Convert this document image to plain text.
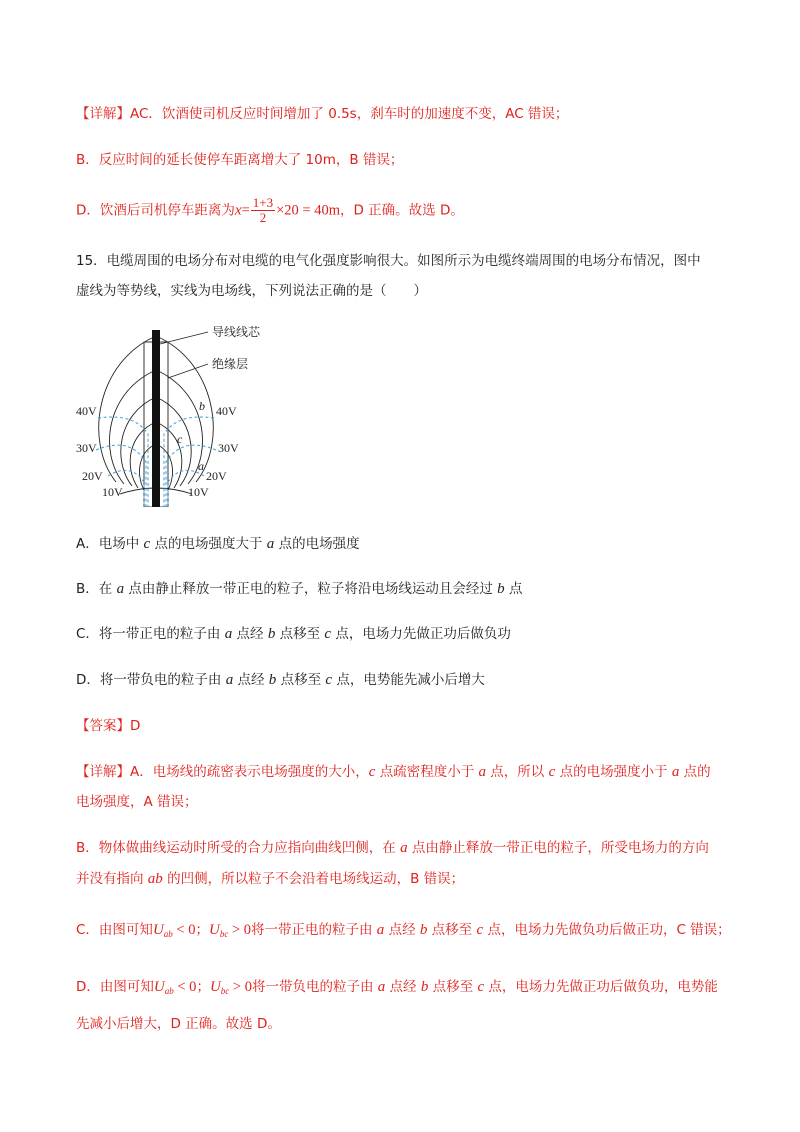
【详解】AC．饮酒使司机反应时间增加了 0.5s，刹车时的加速度不变，AC 错误；
B．反应时间的延长使停车距离增大了 10m，B 错误；
D．饮酒后司机停车距离为$x= \frac{1+3}{2} \times 20 = 40m$，D 正确。故选 D。
15．电缆周围的电场分布对电缆的电气化强度影响很大。如图所示为电缆终端周围的电场分布情况，图中
虚线为等势线，实线为电场线，下列说法正确的是（　　）
导线线芯
绝缘层
40V
30V
20V
10V
40V
30V
20V
10V
b
c
a
A．电场中 c 点的电场强度大于 a 点的电场强度
B．在 a 点由静止释放一带正电的粒子，粒子将沿电场线运动且会经过 b 点
C．将一带正电的粒子由 a 点经 b 点移至 c 点，电场力先做正功后做负功
D．将一带负电的粒子由 a 点经 b 点移至 c 点，电势能先减小后增大
【答案】D
【详解】A．电场线的疏密表示电场强度的大小，c 点疏密程度小于 a 点，所以 c 点的电场强度小于 a 点的
电场强度，A 错误；
B．物体做曲线运动时所受的合力应指向曲线凹侧，在 a 点由静止释放一带正电的粒子，所受电场力的方向
并没有指向 ab 的凹侧，所以粒子不会沿着电场线运动，B 错误；
C．由图可知$U_{ab} < 0$；$U_{bc} > 0$将一带正电的粒子由 a 点经 b 点移至 c 点，电场力先做负功后做正功，C 错误；
D．由图可知$U_{ab} < 0$；$U_{bc} > 0$将一带负电的粒子由 a 点经 b 点移至 c 点，电场力先做正功后做负功，电势能
先减小后增大，D 正确。故选 D。
